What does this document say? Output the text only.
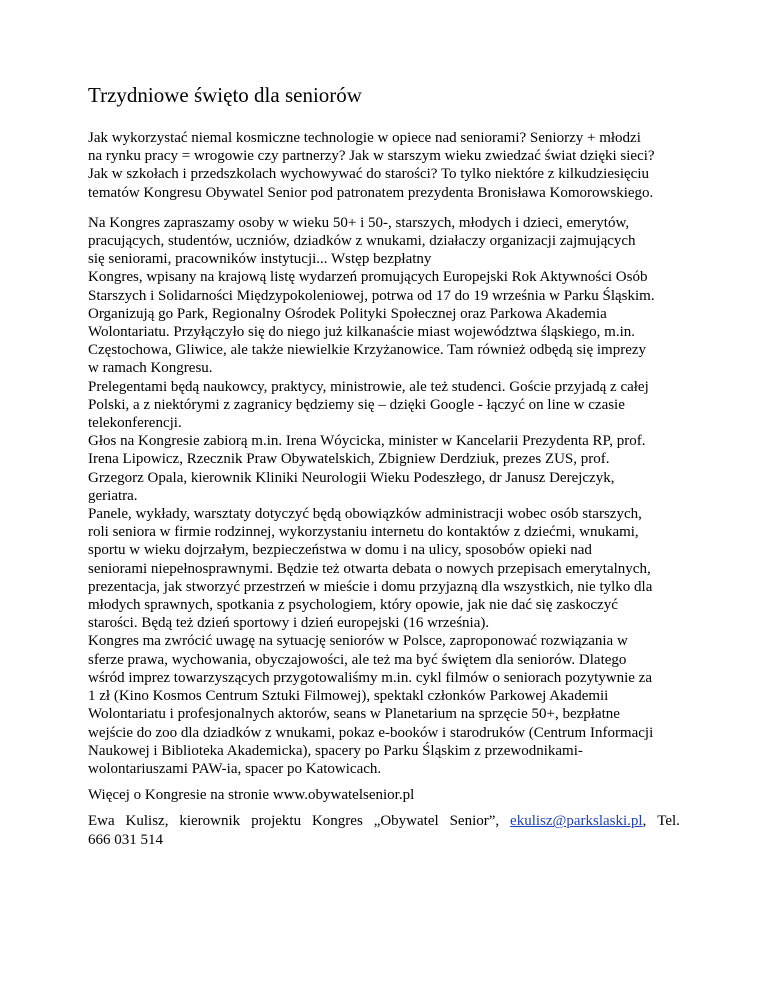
Trzydniowe święto dla seniorów
Jak wykorzystać niemal kosmiczne technologie w opiece nad seniorami? Seniorzy + młodzi
na rynku pracy = wrogowie czy partnerzy? Jak w starszym wieku zwiedzać świat dzięki sieci?
Jak w szkołach i przedszkolach wychowywać do starości? To tylko niektóre z kilkudziesięciu
tematów Kongresu Obywatel Senior pod patronatem prezydenta Bronisława Komorowskiego.
Na Kongres zapraszamy osoby w wieku 50+ i 50-, starszych, młodych i dzieci, emerytów,
pracujących, studentów, uczniów, dziadków z wnukami, działaczy organizacji zajmujących
się seniorami, pracowników instytucji... Wstęp bezpłatny
Kongres, wpisany na krajową listę wydarzeń promujących Europejski Rok Aktywności Osób
Starszych i Solidarności Międzypokoleniowej, potrwa od 17 do 19 września w Parku Śląskim.
Organizują go Park, Regionalny Ośrodek Polityki Społecznej oraz Parkowa Akademia
Wolontariatu. Przyłączyło się do niego już kilkanaście miast województwa śląskiego, m.in.
Częstochowa, Gliwice, ale także niewielkie Krzyżanowice. Tam również odbędą się imprezy
w ramach Kongresu.
Prelegentami będą naukowcy, praktycy, ministrowie, ale też studenci. Goście przyjadą z całej
Polski, a z niektórymi z zagranicy będziemy się – dzięki Google - łączyć on line w czasie
telekonferencji.
Głos na Kongresie zabiorą m.in. Irena Wóycicka, minister w Kancelarii Prezydenta RP, prof.
Irena Lipowicz, Rzecznik Praw Obywatelskich, Zbigniew Derdziuk, prezes ZUS, prof.
Grzegorz Opala, kierownik Kliniki Neurologii Wieku Podeszłego, dr Janusz Derejczyk,
geriatra.
Panele, wykłady, warsztaty dotyczyć będą obowiązków administracji wobec osób starszych,
roli seniora w firmie rodzinnej, wykorzystaniu internetu do kontaktów z dziećmi, wnukami,
sportu w wieku dojrzałym, bezpieczeństwa w domu i na ulicy, sposobów opieki nad
seniorami niepełnosprawnymi. Będzie też otwarta debata o nowych przepisach emerytalnych,
prezentacja, jak stworzyć przestrzeń w mieście i domu przyjazną dla wszystkich, nie tylko dla
młodych sprawnych, spotkania z psychologiem, który opowie, jak nie dać się zaskoczyć
starości. Będą też dzień sportowy i dzień europejski (16 września).
Kongres ma zwrócić uwagę na sytuację seniorów w Polsce, zaproponować rozwiązania w
sferze prawa, wychowania, obyczajowości, ale też ma być świętem dla seniorów. Dlatego
wśród imprez towarzyszących przygotowaliśmy m.in. cykl filmów o seniorach pozytywnie za
1 zł (Kino Kosmos Centrum Sztuki Filmowej), spektakl członków Parkowej Akademii
Wolontariatu i profesjonalnych aktorów, seans w Planetarium na sprzęcie 50+, bezpłatne
wejście do zoo dla dziadków z wnukami, pokaz e-booków i starodruków (Centrum Informacji
Naukowej i Biblioteka Akademicka), spacery po Parku Śląskim z przewodnikami-
wolontariuszami PAW-ia, spacer po Katowicach.
Więcej o Kongresie na stronie www.obywatelsenior.pl
Ewa Kulisz, kierownik projektu Kongres „Obywatel Senior”, ekulisz@parkslaski.pl, Tel.
666 031 514
